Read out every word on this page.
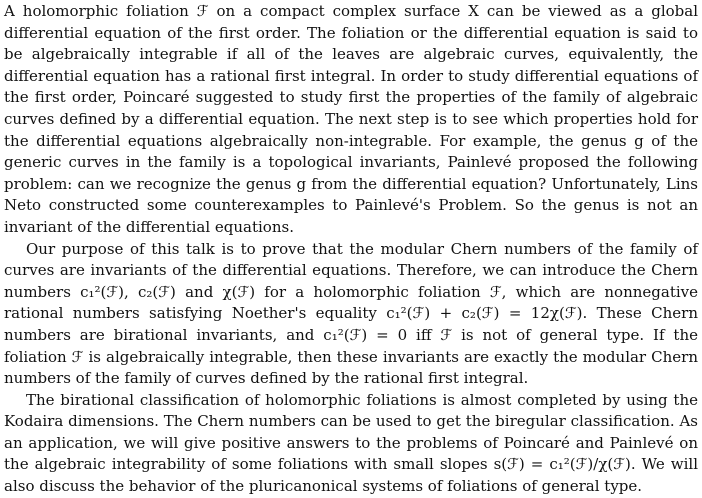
A holomorphic foliation ℱ on a compact complex surface X can be viewed as a global differential equation of the first order. The foliation or the differential equation is said to be algebraically integrable if all of the leaves are algebraic curves, equivalently, the differential equation has a rational first integral. In order to study differential equations of the first order, Poincaré suggested to study first the properties of the family of algebraic curves defined by a differential equation. The next step is to see which properties hold for the differential equations algebraically non-integrable. For example, the genus g of the generic curves in the family is a topological invariants, Painlevé proposed the following problem: can we recognize the genus g from the differential equation? Unfortunately, Lins Neto constructed some counterexamples to Painlevé's Problem. So the genus is not an invariant of the differential equations.

Our purpose of this talk is to prove that the modular Chern numbers of the family of curves are invariants of the differential equations. Therefore, we can introduce the Chern numbers c₁²(ℱ), c₂(ℱ) and χ(ℱ) for a holomorphic foliation ℱ, which are nonnegative rational numbers satisfying Noether's equality c₁²(ℱ) + c₂(ℱ) = 12χ(ℱ). These Chern numbers are birational invariants, and c₁²(ℱ) = 0 iff ℱ is not of general type. If the foliation ℱ is algebraically integrable, then these invariants are exactly the modular Chern numbers of the family of curves defined by the rational first integral.

The birational classification of holomorphic foliations is almost completed by using the Kodaira dimensions. The Chern numbers can be used to get the biregular classification. As an application, we will give positive answers to the problems of Poincaré and Painlevé on the algebraic integrability of some foliations with small slopes s(ℱ) = c₁²(ℱ)/χ(ℱ). We will also discuss the behavior of the pluricanonical systems of foliations of general type.
